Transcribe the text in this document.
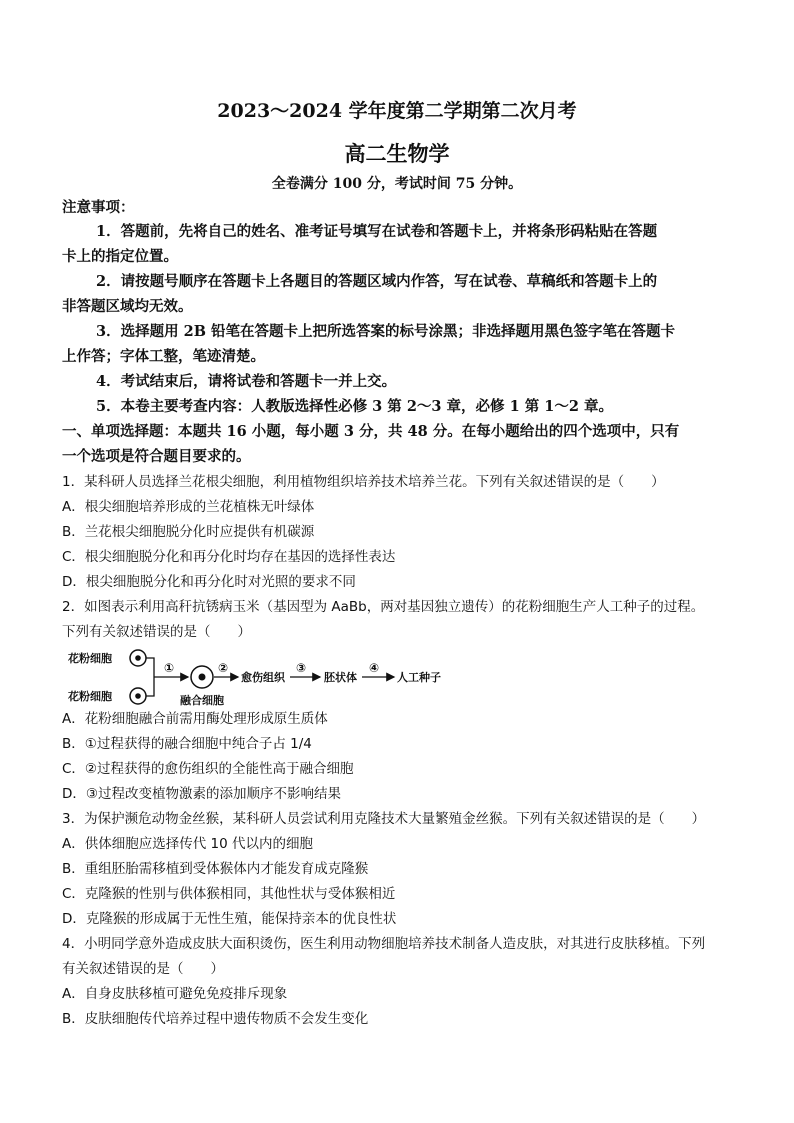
2023～2024 学年度第二学期第二次月考
高二生物学
全卷满分 100 分，考试时间 75 分钟。
注意事项：
1．答题前，先将自己的姓名、准考证号填写在试卷和答题卡上，并将条形码粘贴在答题
卡上的指定位置。
2．请按题号顺序在答题卡上各题目的答题区域内作答，写在试卷、草稿纸和答题卡上的
非答题区域均无效。
3．选择题用 2B 铅笔在答题卡上把所选答案的标号涂黑；非选择题用黑色签字笔在答题卡
上作答；字体工整，笔迹清楚。
4．考试结束后，请将试卷和答题卡一并上交。
5．本卷主要考查内容：人教版选择性必修 3 第 2～3 章，必修 1 第 1～2 章。
一、单项选择题：本题共 16 小题，每小题 3 分，共 48 分。在每小题给出的四个选项中，只有
一个选项是符合题目要求的。
1．某科研人员选择兰花根尖细胞，利用植物组织培养技术培养兰花。下列有关叙述错误的是（　　）
A．根尖细胞培养形成的兰花植株无叶绿体
B．兰花根尖细胞脱分化时应提供有机碳源
C．根尖细胞脱分化和再分化时均存在基因的选择性表达
D．根尖细胞脱分化和再分化时对光照的要求不同
2．如图表示利用高秆抗锈病玉米（基因型为 AaBb，两对基因独立遗传）的花粉细胞生产人工种子的过程。
下列有关叙述错误的是（　　）
花粉细胞
花粉细胞
①
融合细胞
②
愈伤组织
③
胚状体
④
人工种子
A．花粉细胞融合前需用酶处理形成原生质体
B．①过程获得的融合细胞中纯合子占 1/4
C．②过程获得的愈伤组织的全能性高于融合细胞
D．③过程改变植物激素的添加顺序不影响结果
3．为保护濒危动物金丝猴，某科研人员尝试利用克隆技术大量繁殖金丝猴。下列有关叙述错误的是（　　）
A．供体细胞应选择传代 10 代以内的细胞
B．重组胚胎需移植到受体猴体内才能发育成克隆猴
C．克隆猴的性别与供体猴相同，其他性状与受体猴相近
D．克隆猴的形成属于无性生殖，能保持亲本的优良性状
4．小明同学意外造成皮肤大面积烫伤，医生利用动物细胞培养技术制备人造皮肤，对其进行皮肤移植。下列
有关叙述错误的是（　　）
A．自身皮肤移植可避免免疫排斥现象
B．皮肤细胞传代培养过程中遗传物质不会发生变化
